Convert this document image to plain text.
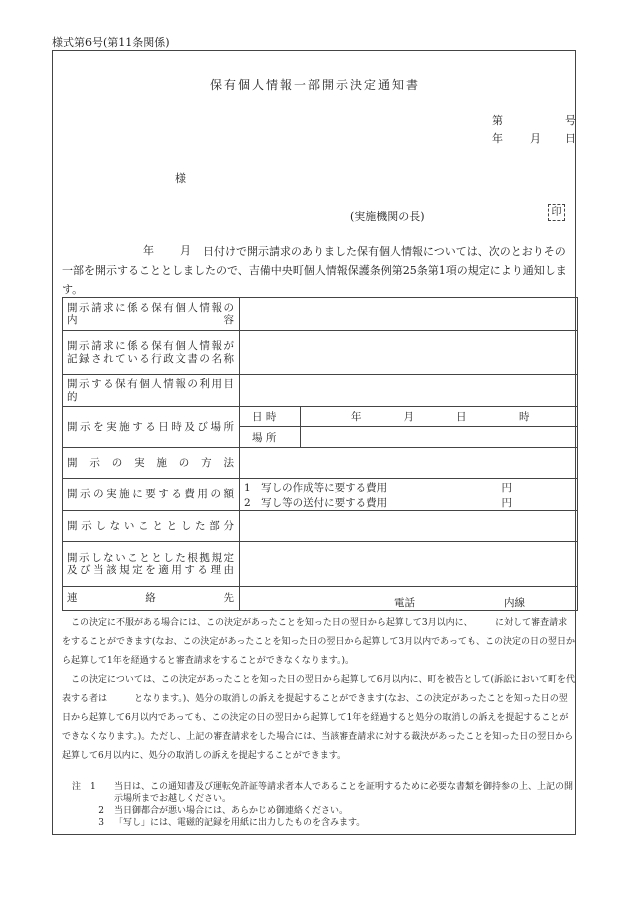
様式第6号(第11条関係)
保有個人情報一部開示決定通知書
第	号
年 月 日
様
(実施機関の長)	印
年 月	日付けで開示請求のありました保有個人情報については、次のとおりその一部を開示することとしましたので、吉備中央町個人情報保護条例第25条第1項の規定により通知します。
開示請求に係る保有個人情報の内容	
開示請求に係る保有個人情報が記録されている行政文書の名称	
開示する保有個人情報の利用目的	
開示を実施する日時及び場所	日 時 年　　　　月　　　　日　　　　　時
場 所

開示の実施の方法	
開示の実施に要する費用の額	1　写しの作成等に要する費用 円
2　写し等の送付に要する費用 円

開示しないこととした部分	
開示しないこととした根拠規定及び当該規定を適用する理由	
連絡先	電話 内線

この決定に不服がある場合には、この決定があったことを知った日の翌日から起算して3月以内に、　　　に対して審査請求をすることができます(なお、この決定があったことを知った日の翌日から起算して3月以内であっても、この決定の日の翌日から起算して1年を経過すると審査請求をすることができなくなります。)。

この決定については、この決定があったことを知った日の翌日から起算して6月以内に、町を被告として(訴訟において町を代表する者は　　　となります。)、処分の取消しの訴えを提起することができます(なお、この決定があったことを知った日の翌日から起算して6月以内であっても、この決定の日の翌日から起算して1年を経過すると処分の取消しの訴えを提起することができなくなります。)。ただし、上記の審査請求をした場合には、当該審査請求に対する裁決があったことを知った日の翌日から起算して6月以内に、処分の取消しの訴えを提起することができます。

注　1	当日は、この通知書及び運転免許証等請求者本人であることを証明するために必要な書類を御持参の上、上記の開示場所までお越しください。
2	当日御都合が悪い場合には、あらかじめ御連絡ください。
3	「写し」には、電磁的記録を用紙に出力したものを含みます。
